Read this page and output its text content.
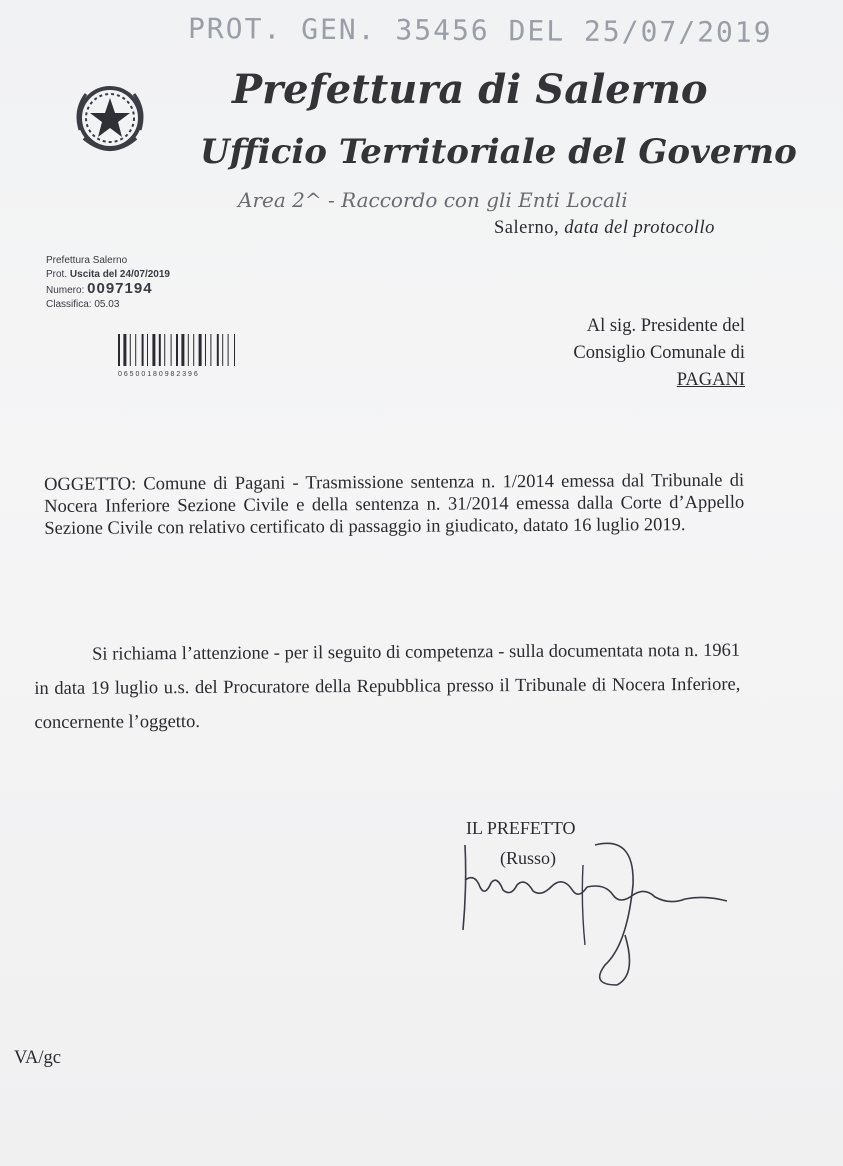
PROT. GEN. 35456 DEL 25/07/2019
Prefettura di Salerno
Ufficio Territoriale del Governo
Area 2^ - Raccordo con gli Enti Locali
Salerno, data del protocollo
Prefettura Salerno
Prot. Uscita del 24/07/2019
Numero: 0097194
Classifica: 05.03
0 6 5 0 0 1 8 0 9 8 2 3 9 6
Al sig. Presidente del
Consiglio Comunale di
PAGANI
OGGETTO: Comune di Pagani - Trasmissione sentenza n. 1/2014 emessa dal Tribunale di Nocera Inferiore Sezione Civile e della sentenza n. 31/2014 emessa dalla Corte d’Appello Sezione Civile con relativo certificato di passaggio in giudicato, datato 16 luglio 2019.
Si richiama l’attenzione - per il seguito di competenza - sulla documentata nota n. 1961 in data 19 luglio u.s. del Procuratore della Repubblica presso il Tribunale di Nocera Inferiore, concernente l’oggetto.
IL PREFETTO
(Russo)
VA/gc
